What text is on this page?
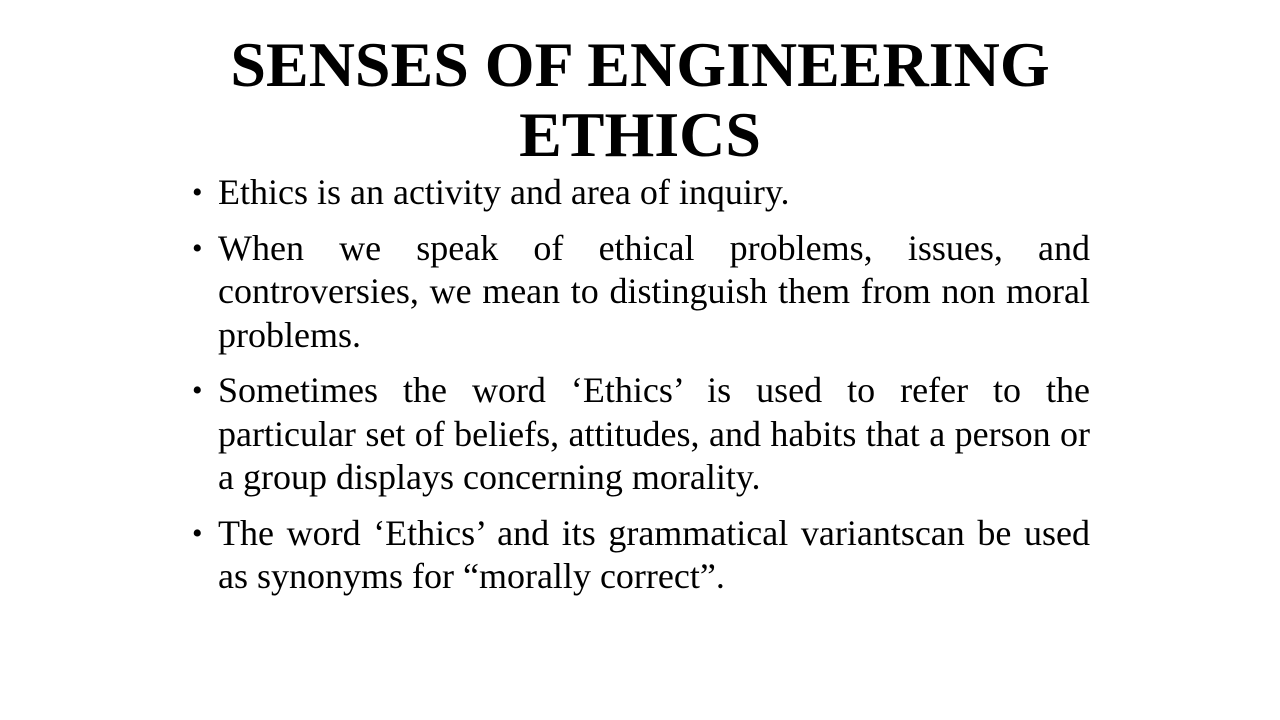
SENSES OF ENGINEERING
ETHICS
• Ethics is an activity and area of inquiry.
• When we speak of ethical problems, issues, and controversies, we mean to distinguish them from non moral problems.
• Sometimes the word ‘Ethics’ is used to refer to the particular set of beliefs, attitudes, and habits that a person or a group displays concerning morality.
• The word ‘Ethics’ and its grammatical variantscan be used as synonyms for “morally correct”.
